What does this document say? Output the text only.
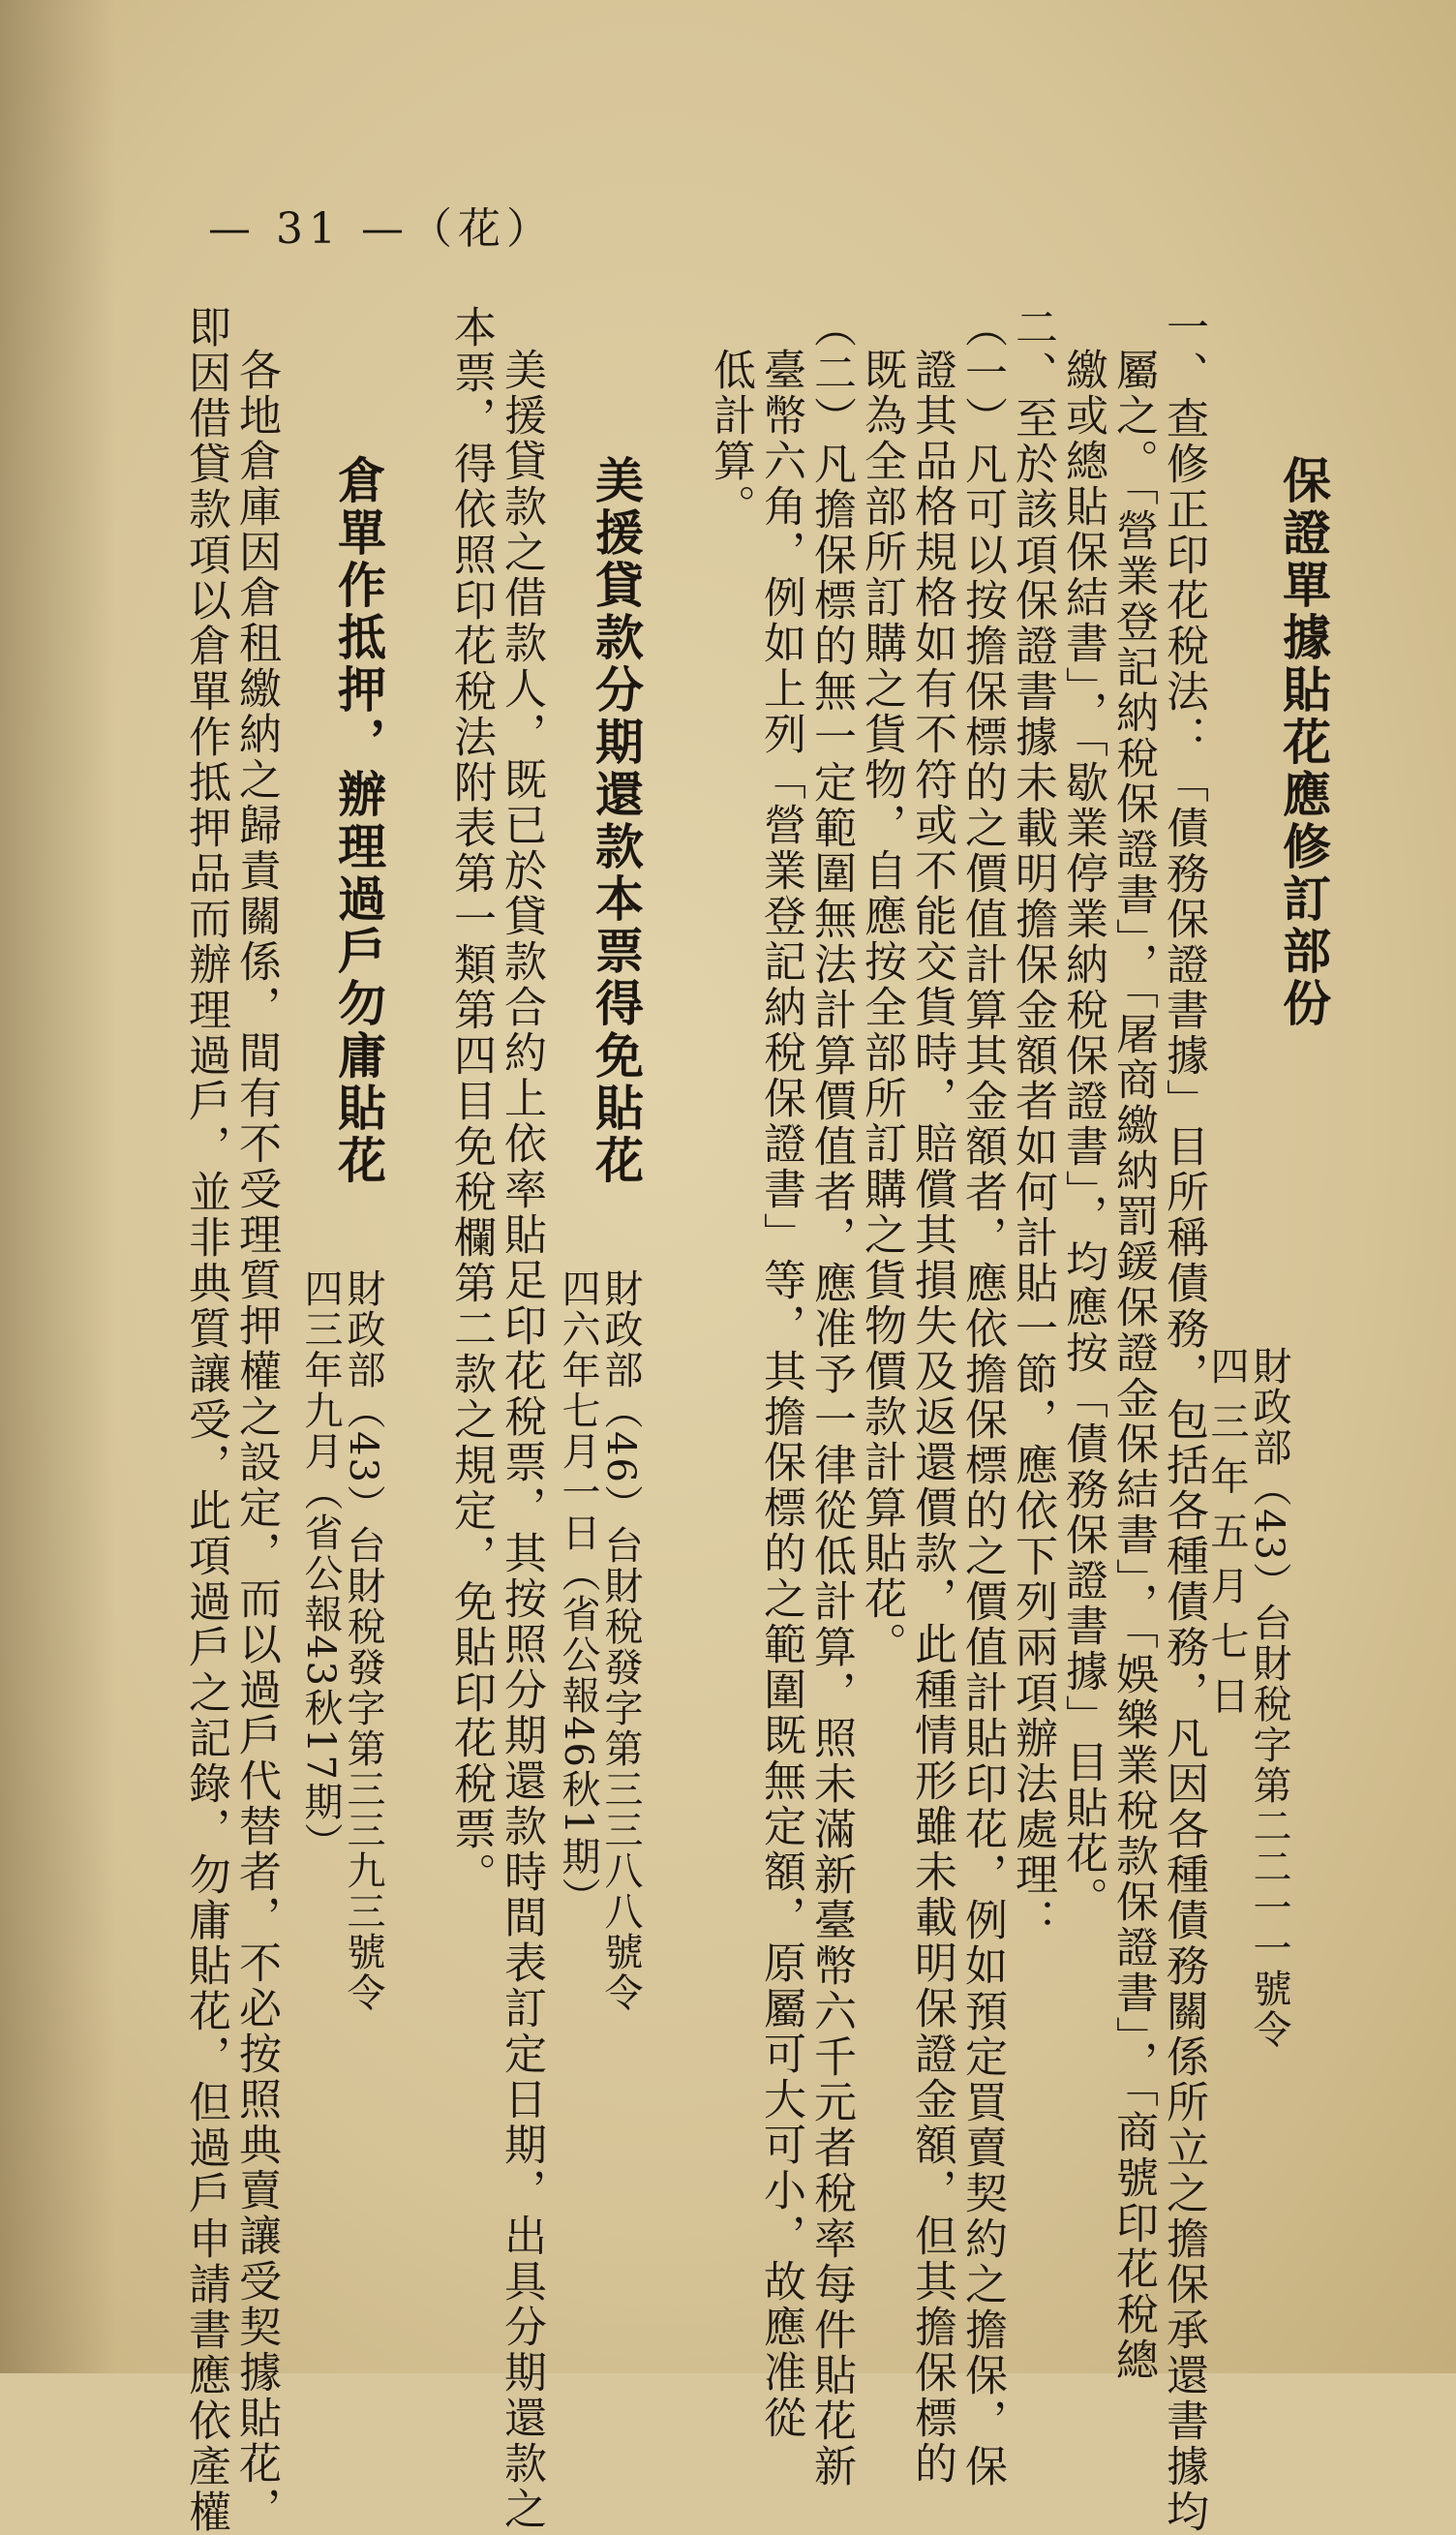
— 31 —（花）
保證單據貼花應修訂部份
財政部（43）台財稅字第二二一一號令
四 三 年 五 月 七 日
一、查修正印花稅法：「債務保證書據」目所稱債務，包括各種債務，凡因各種債務關係所立之擔保承還書據均
屬之。「營業登記納稅保證書」，「屠商繳納罰鍰保證金保結書」，「娛樂業稅款保證書」，「商號印花稅總
繳或總貼保結書」，「歇業停業納稅保證書」，均應按「債務保證書據」目貼花。
二、至於該項保證書據未載明擔保金額者如何計貼一節，應依下列兩項辦法處理：
（一）凡可以按擔保標的之價值計算其金額者，應依擔保標的之價值計貼印花，例如預定買賣契約之擔保，保
證其品格規格如有不符或不能交貨時，賠償其損失及返還價款，此種情形雖未載明保證金額，但其擔保標的
既為全部所訂購之貨物，自應按全部所訂購之貨物價款計算貼花。
（二）凡擔保標的無一定範圍無法計算價值者，應准予一律從低計算，照未滿新臺幣六千元者稅率每件貼花新
臺幣六角，例如上列「營業登記納稅保證書」等，其擔保標的之範圍既無定額，原屬可大可小，故應准從
低計算。
美援貸款分期還款本票得免貼花
財政部（46）台財稅發字第三三八八號令
四六年七月一日（省公報46秋1期）
美援貸款之借款人，既已於貸款合約上依率貼足印花稅票，其按照分期還款時間表訂定日期，出具分期還款之
本票，得依照印花稅法附表第一類第四目免稅欄第二款之規定，免貼印花稅票。
倉單作抵押，辦理過戶勿庸貼花
財政部（43）台財稅發字第三三九三號令
四三年九月（省公報43秋17期）
各地倉庫因倉租繳納之歸責關係，間有不受理質押權之設定，而以過戶代替者，不必按照典賣讓受契據貼花，
即因借貸款項以倉單作抵押品而辦理過戶，並非典質讓受，此項過戶之記錄，勿庸貼花，但過戶申請書應依產權
